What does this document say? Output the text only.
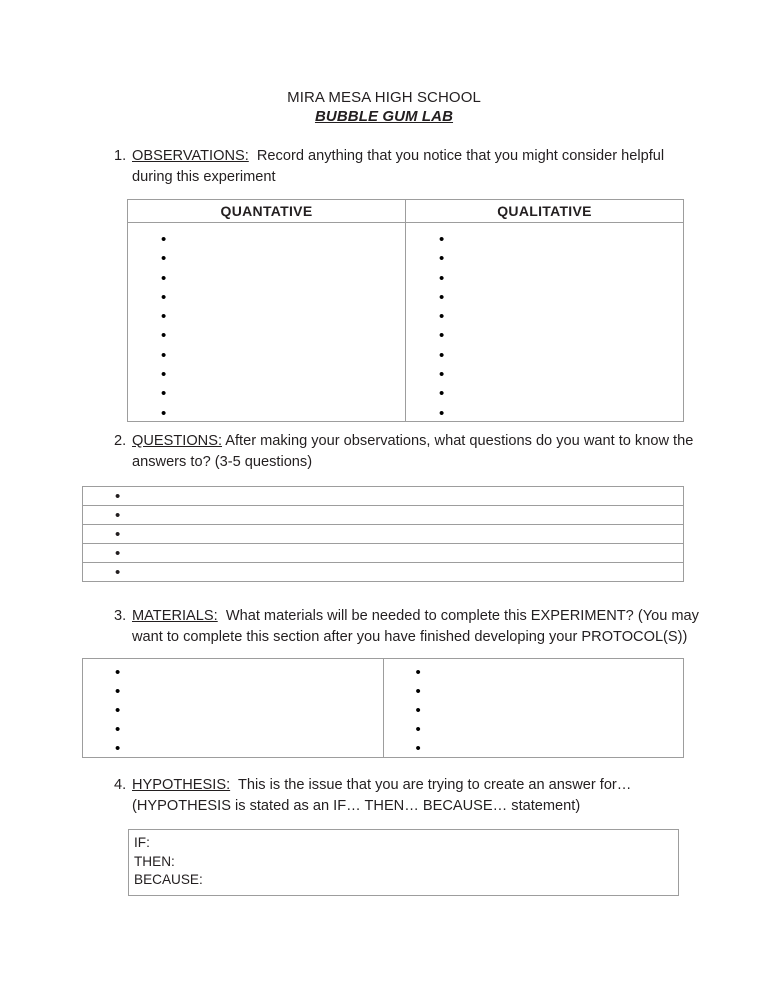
MIRA MESA HIGH SCHOOL
BUBBLE GUM LAB
1. OBSERVATIONS: Record anything that you notice that you might consider helpful during this experiment
QUANTATIVE	QUALITATIVE

•
•
•
•
•
•
•
•
•
•

•
•
•
•
•
•
•
•
•
•
2. QUESTIONS: After making your observations, what questions do you want to know the answers to? (3-5 questions)
•
•
•
•
•
3. MATERIALS: What materials will be needed to complete this EXPERIMENT? (You may want to complete this section after you have finished developing your PROTOCOL(S))
•
•
•
•
•

•
•
•
•
•
4. HYPOTHESIS: This is the issue that you are trying to create an answer for… (HYPOTHESIS is stated as an IF… THEN… BECAUSE… statement)
IF:
THEN:
BECAUSE:
